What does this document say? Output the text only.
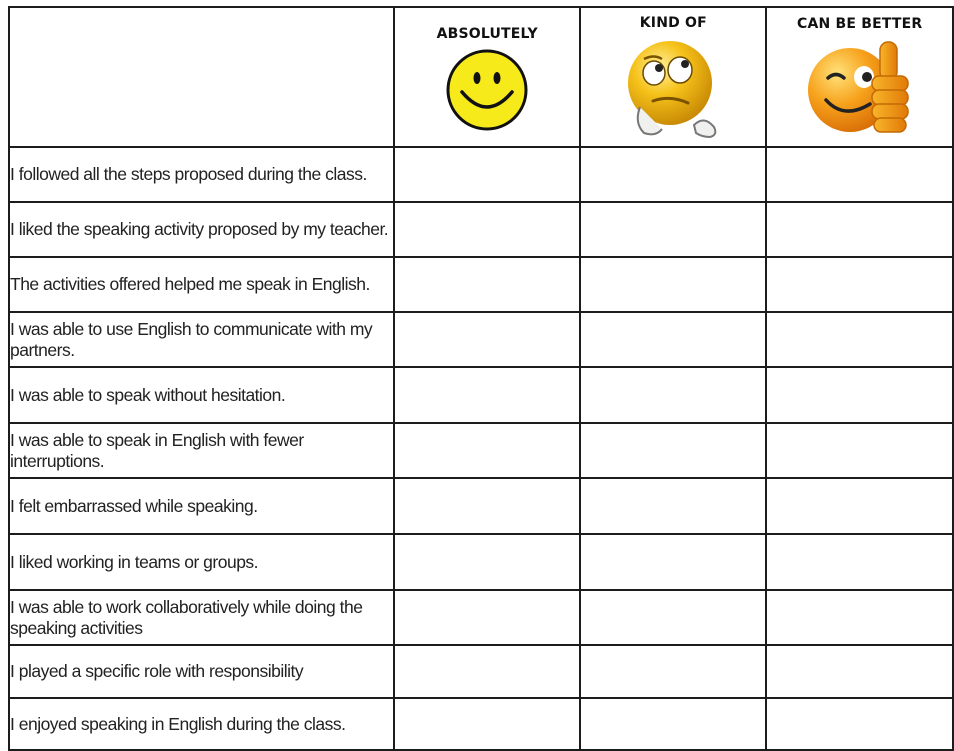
	ABSOLUTELY	KIND OF	CAN BE BETTER

I followed all the steps proposed during the class.			
I liked the speaking activity proposed by my teacher.			
The activities offered helped me speak in English.			
I was able to use English to communicate with my partners.			
I was able to speak without hesitation.			
I was able to speak in English with fewer interruptions.			
I felt embarrassed while speaking.			
I liked working in teams or groups.			
I was able to work collaboratively while doing the speaking activities			
I played a specific role with responsibility			
I enjoyed speaking in English during the class.			
